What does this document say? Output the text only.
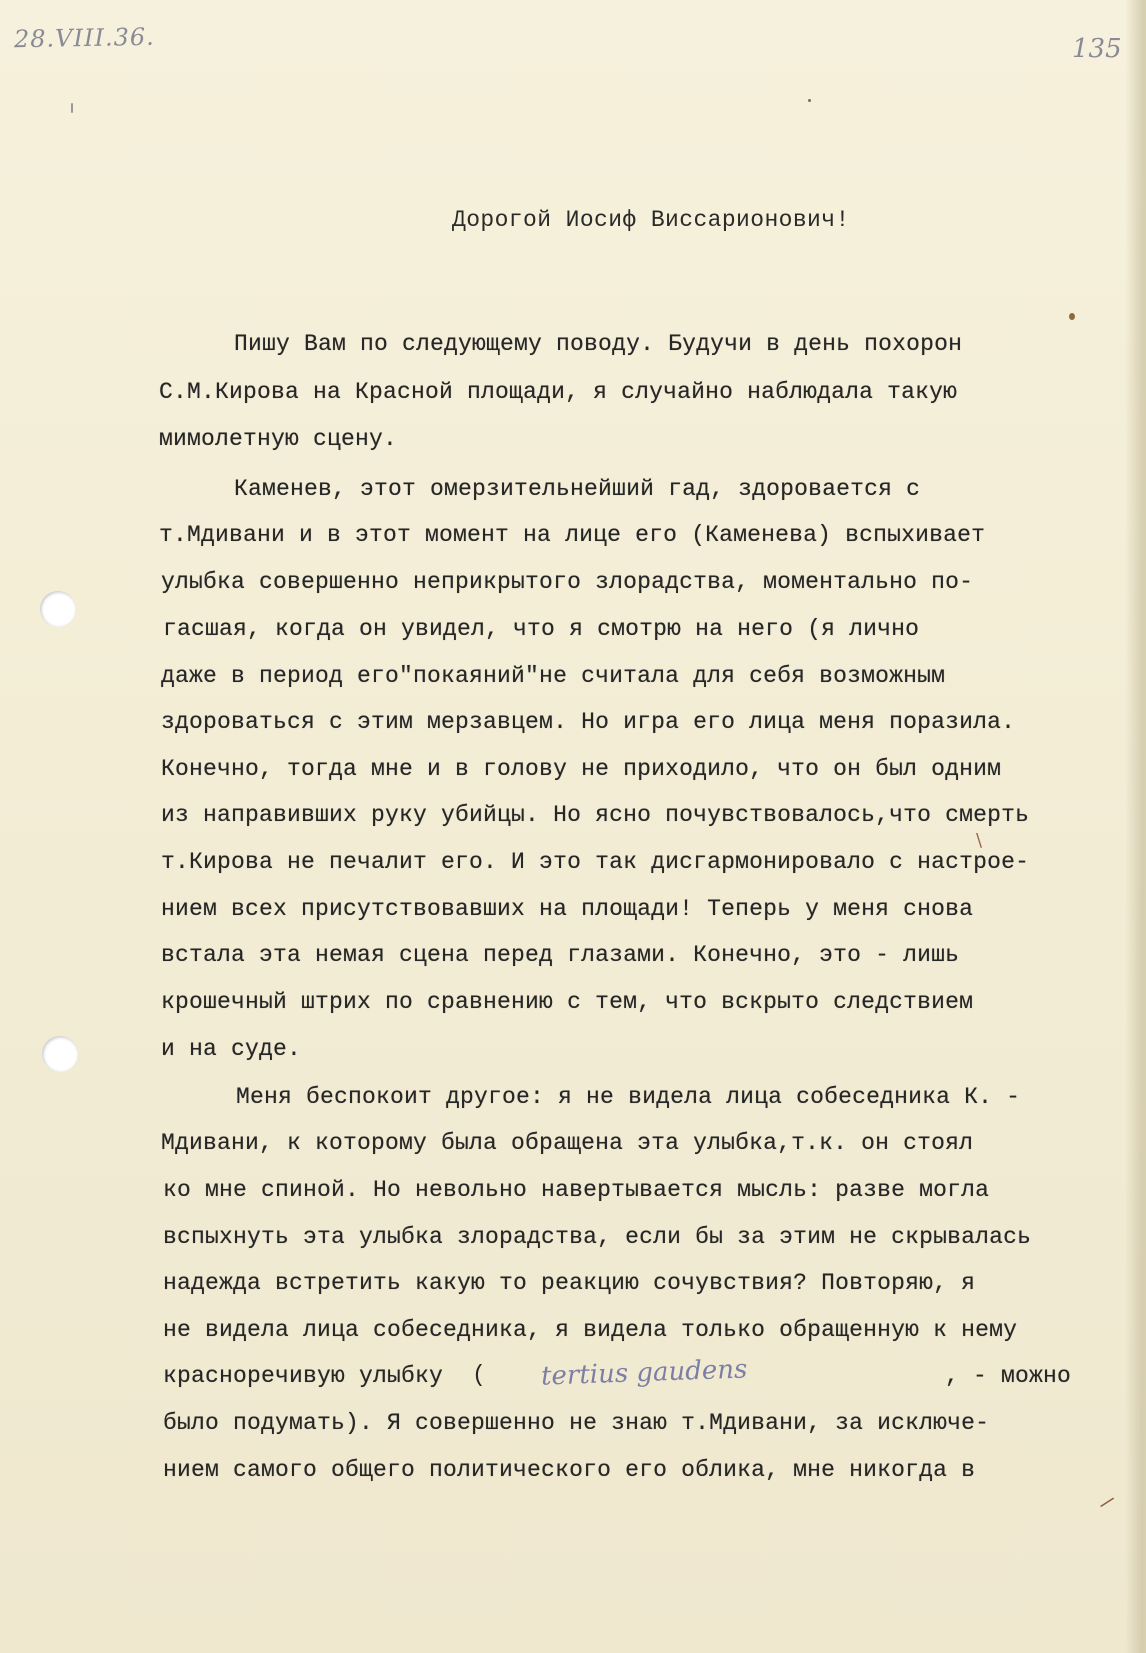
/
\
28.VIII.36.	135
Дорогой Иосиф Виссарионович!
Пишу Вам по следующему поводу. Будучи в день похорон
С.М.Кирова на Красной площади, я случайно наблюдала такую
мимолетную сцену.
Каменев, этот омерзительнейший гад, здоровается с
т.Мдивани и в этот момент на лице его (Каменева) вспыхивает
улыбка совершенно неприкрытого злорадства, моментально по-
гасшая, когда он увидел, что я смотрю на него (я лично
даже в период его"покаяний"не считала для себя возможным
здороваться с этим мерзавцем. Но игра его лица меня поразила.
Конечно, тогда мне и в голову не приходило, что он был одним
из направивших руку убийцы. Но ясно почувствовалось,что смерть
т.Кирова не печалит его. И это так дисгармонировало с настрое-
нием всех присутствовавших на площади! Теперь у меня снова
встала эта немая сцена перед глазами. Конечно, это - лишь
крошечный штрих по сравнению с тем, что вскрыто следствием
и на суде.
Меня беспокоит другое: я не видела лица собеседника К. -
Мдивани, к которому была обращена эта улыбка,т.к. он стоял
ко мне спиной. Но невольно навертывается мысль: разве могла
вспыхнуть эта улыбка злорадства, если бы за этим не скрывалась
надежда встретить какую то реакцию сочувствия? Повторяю, я
не видела лица собеседника, я видела только обращенную к нему
красноречивую улыбку ( tertius gaudens	, - можно
было подумать). Я совершенно не знаю т.Мдивани, за исключе-
нием самого общего политического его облика, мне никогда в
